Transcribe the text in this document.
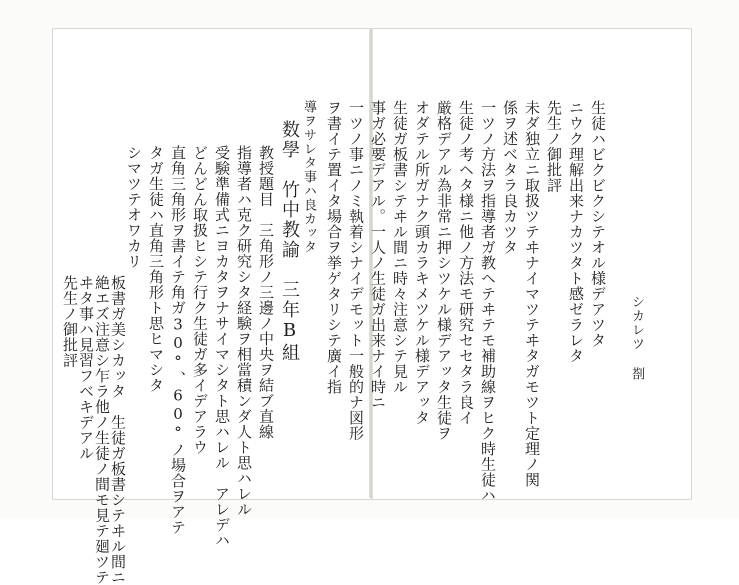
シカレツ 剳
生徒ハビクビクシテオル様デアツタ
ニウク理解出来ナカツタト感ゼラレタ
先生ノ御批評
未ダ独立ニ取扱ツテヰナイマツテヰタガモツト定理ノ関
係ヲ述ベタラ良カツタ
一ツノ方法ヲ指導者ガ教ヘテヰテモ補助線ヲヒク時生徒ハ
生徒ノ考ヘタ様ニ他ノ方法モ研究セセタラ良イ
厳格デアル為非常ニ押シツケル様デアッタ生徒ヲ
オダテル所ガナク頭カラキメツケル様デアッタ
生徒ガ板書シテヰル間ニ時々注意シテ見ル
事ガ必要デアル。一人ノ生徒ガ出来ナイ時ニ
一ツノ事ニノミ執着シナイデモット一般的ナ図形
ヲ書イテ置イタ場合ヲ挙ゲタリシテ廣イ指
導ヲサレタ事ハ良カッタ
数學　竹中教諭　三年B組
教授題目　三角形ノ三邊ノ中央ヲ結ブ直線
指導者ハ克ク研究シタ経験ヲ相當積ンダ人ト思ハレル
受験準備式ニヨカタヲナサイマシタト思ハレル　アレデハ
どんどん取扱ヒシテ行ク生徒ガ多イデアラウ
直角三角形ヲ書イテ角ガ30°、60°ノ場合ヲアテ
タガ生徒ハ直角三角形ト思ヒマシタ
シマツテオワカリ
板書ガ美シカッタ　生徒ガ板書シテヰル間ニ
絶エズ注意シ乍ラ他ノ生徒ノ間モ見テ廻ツテ
ヰタ事ハ見習フベキデアル
先生ノ御批評
